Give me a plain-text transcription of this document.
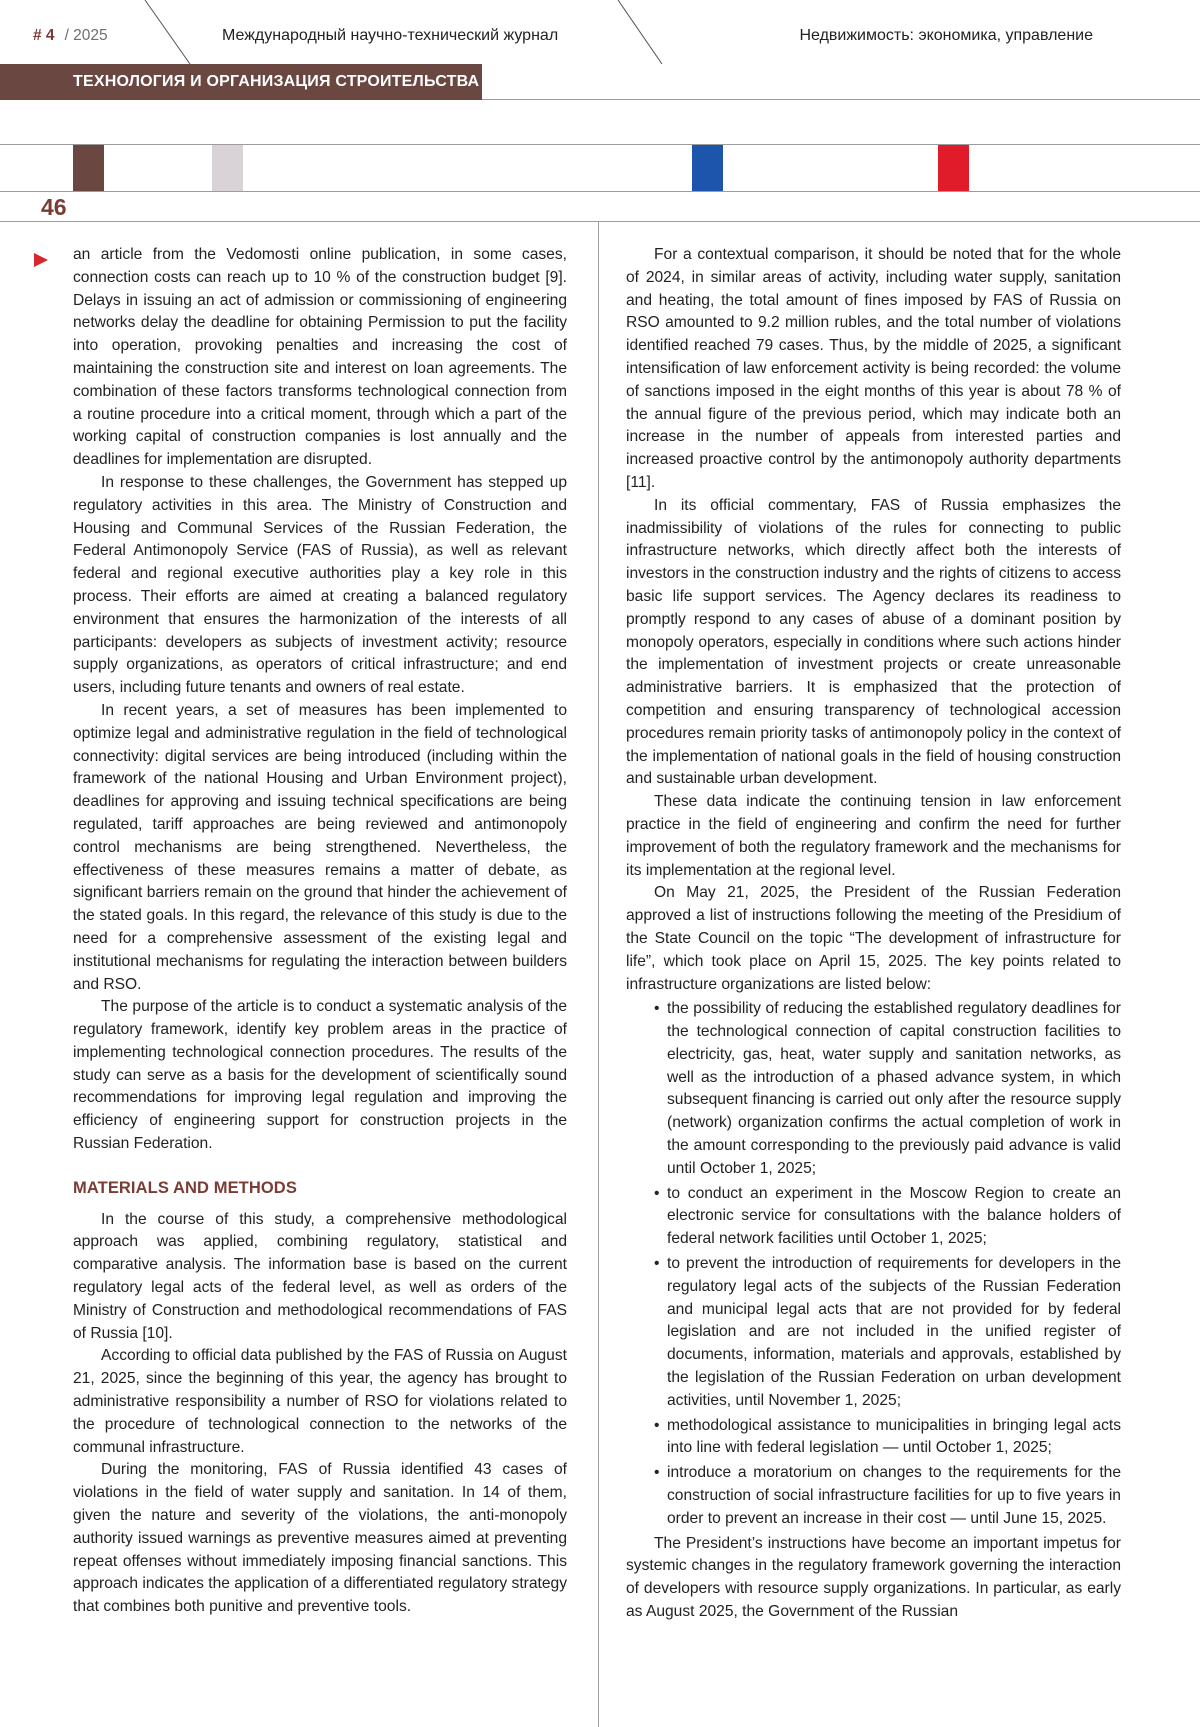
# 4 / 2025	Международный научно-технический журнал	Недвижимость: экономика, управление
ТЕХНОЛОГИЯ И ОРГАНИЗАЦИЯ СТРОИТЕЛЬСТВА
46

an article from the Vedomosti online publication, in some cases, connection costs can reach up to 10 % of the construction budget [9]. Delays in issuing an act of admission or commissioning of engineering networks delay the deadline for obtaining Permission to put the facility into operation, provoking penalties and increasing the cost of maintaining the construction site and interest on loan agreements. The combination of these factors transforms technological connection from a routine procedure into a critical moment, through which a part of the working capital of construction companies is lost annually and the deadlines for implementation are disrupted.

In response to these challenges, the Government has stepped up regulatory activities in this area. The Ministry of Construction and Housing and Communal Services of the Russian Federation, the Federal Antimonopoly Service (FAS of Russia), as well as relevant federal and regional executive authorities play a key role in this process. Their efforts are aimed at creating a balanced regulatory environment that ensures the harmonization of the interests of all participants: developers as subjects of investment activity; resource supply organizations, as operators of critical infrastructure; and end users, including future tenants and owners of real estate.

In recent years, a set of measures has been implemented to optimize legal and administrative regulation in the field of technological connectivity: digital services are being introduced (including within the framework of the national Housing and Urban Environment project), deadlines for approving and issuing technical specifications are being regulated, tariff approaches are being reviewed and antimonopoly control mechanisms are being strengthened. Nevertheless, the effectiveness of these measures remains a matter of debate, as significant barriers remain on the ground that hinder the achievement of the stated goals. In this regard, the relevance of this study is due to the need for a comprehensive assessment of the existing legal and institutional mechanisms for regulating the interaction between builders and RSO.

The purpose of the article is to conduct a systematic analysis of the regulatory framework, identify key problem areas in the practice of implementing technological connection procedures. The results of the study can serve as a basis for the development of scientifically sound recommendations for improving legal regulation and improving the efficiency of engineering support for construction projects in the Russian Federation.

MATERIALS AND METHODS

In the course of this study, a comprehensive methodological approach was applied, combining regulatory, statistical and comparative analysis. The information base is based on the current regulatory legal acts of the federal level, as well as orders of the Ministry of Construction and methodological recommendations of FAS of Russia [10].

According to official data published by the FAS of Russia on August 21, 2025, since the beginning of this year, the agency has brought to administrative responsibility a number of RSO for violations related to the procedure of technological connection to the networks of the communal infrastructure.

During the monitoring, FAS of Russia identified 43 cases of violations in the field of water supply and sanitation. In 14 of them, given the nature and severity of the violations, the anti-monopoly authority issued warnings as preventive measures aimed at preventing repeat offenses without immediately imposing financial sanctions. This approach indicates the application of a differentiated regulatory strategy that combines both punitive and preventive tools.

For a contextual comparison, it should be noted that for the whole of 2024, in similar areas of activity, including water supply, sanitation and heating, the total amount of fines imposed by FAS of Russia on RSO amounted to 9.2 million rubles, and the total number of violations identified reached 79 cases. Thus, by the middle of 2025, a significant intensification of law enforcement activity is being recorded: the volume of sanctions imposed in the eight months of this year is about 78 % of the annual figure of the previous period, which may indicate both an increase in the number of appeals from interested parties and increased proactive control by the antimonopoly authority departments [11].

In its official commentary, FAS of Russia emphasizes the inadmissibility of violations of the rules for connecting to public infrastructure networks, which directly affect both the interests of investors in the construction industry and the rights of citizens to access basic life support services. The Agency declares its readiness to promptly respond to any cases of abuse of a dominant position by monopoly operators, especially in conditions where such actions hinder the implementation of investment projects or create unreasonable administrative barriers. It is emphasized that the protection of competition and ensuring transparency of technological accession procedures remain priority tasks of antimonopoly policy in the context of the implementation of national goals in the field of housing construction and sustainable urban development.

These data indicate the continuing tension in law enforcement practice in the field of engineering and confirm the need for further improvement of both the regulatory framework and the mechanisms for its implementation at the regional level.

On May 21, 2025, the President of the Russian Federation approved a list of instructions following the meeting of the Presidium of the State Council on the topic “The development of infrastructure for life”, which took place on April 15, 2025. The key points related to infrastructure organizations are listed below:

• the possibility of reducing the established regulatory deadlines for the technological connection of capital construction facilities to electricity, gas, heat, water supply and sanitation networks, as well as the introduction of a phased advance system, in which subsequent financing is carried out only after the resource supply (network) organization confirms the actual completion of work in the amount corresponding to the previously paid advance is valid until October 1, 2025;
• to conduct an experiment in the Moscow Region to create an electronic service for consultations with the balance holders of federal network facilities until October 1, 2025;
• to prevent the introduction of requirements for developers in the regulatory legal acts of the subjects of the Russian Federation and municipal legal acts that are not provided for by federal legislation and are not included in the unified register of documents, information, materials and approvals, established by the legislation of the Russian Federation on urban development activities, until November 1, 2025;
• methodological assistance to municipalities in bringing legal acts into line with federal legislation — until October 1, 2025;
• introduce a moratorium on changes to the requirements for the construction of social infrastructure facilities for up to five years in order to prevent an increase in their cost — until June 15, 2025.

The President’s instructions have become an important impetus for systemic changes in the regulatory framework governing the interaction of developers with resource supply organizations. In particular, as early as August 2025, the Government of the Russian
